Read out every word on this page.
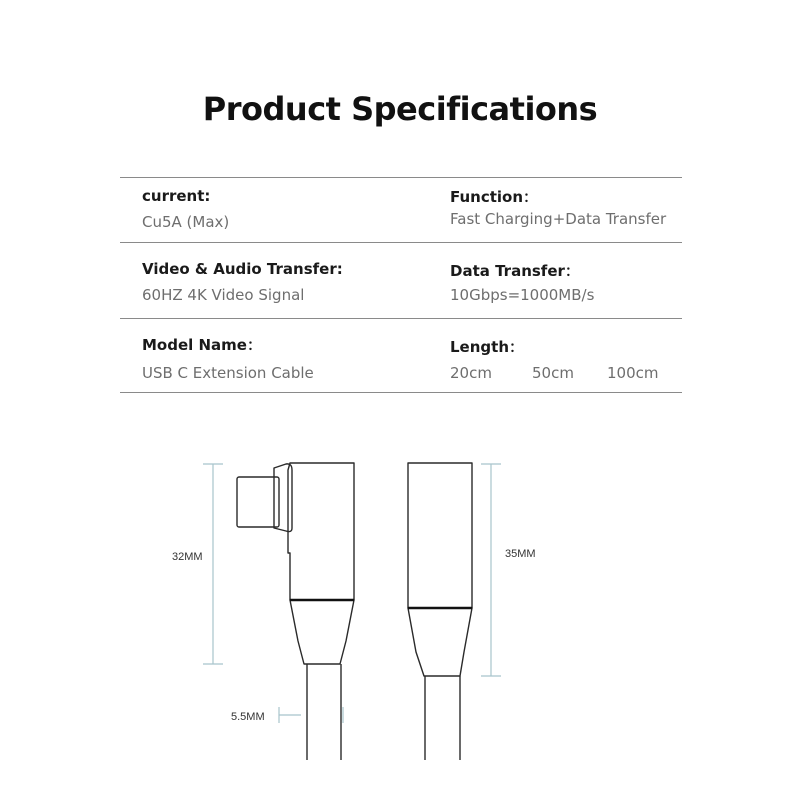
Product Specifications
current:
Cu5A (Max)
Function：
Fast Charging+Data Transfer
Video & Audio Transfer:
60HZ 4K Video Signal
Data Transfer：
10Gbps=1000MB/s
Model Name：
USB C Extension Cable
Length：
20cm	50cm 100cm
32MM	35MM
5.5MM
